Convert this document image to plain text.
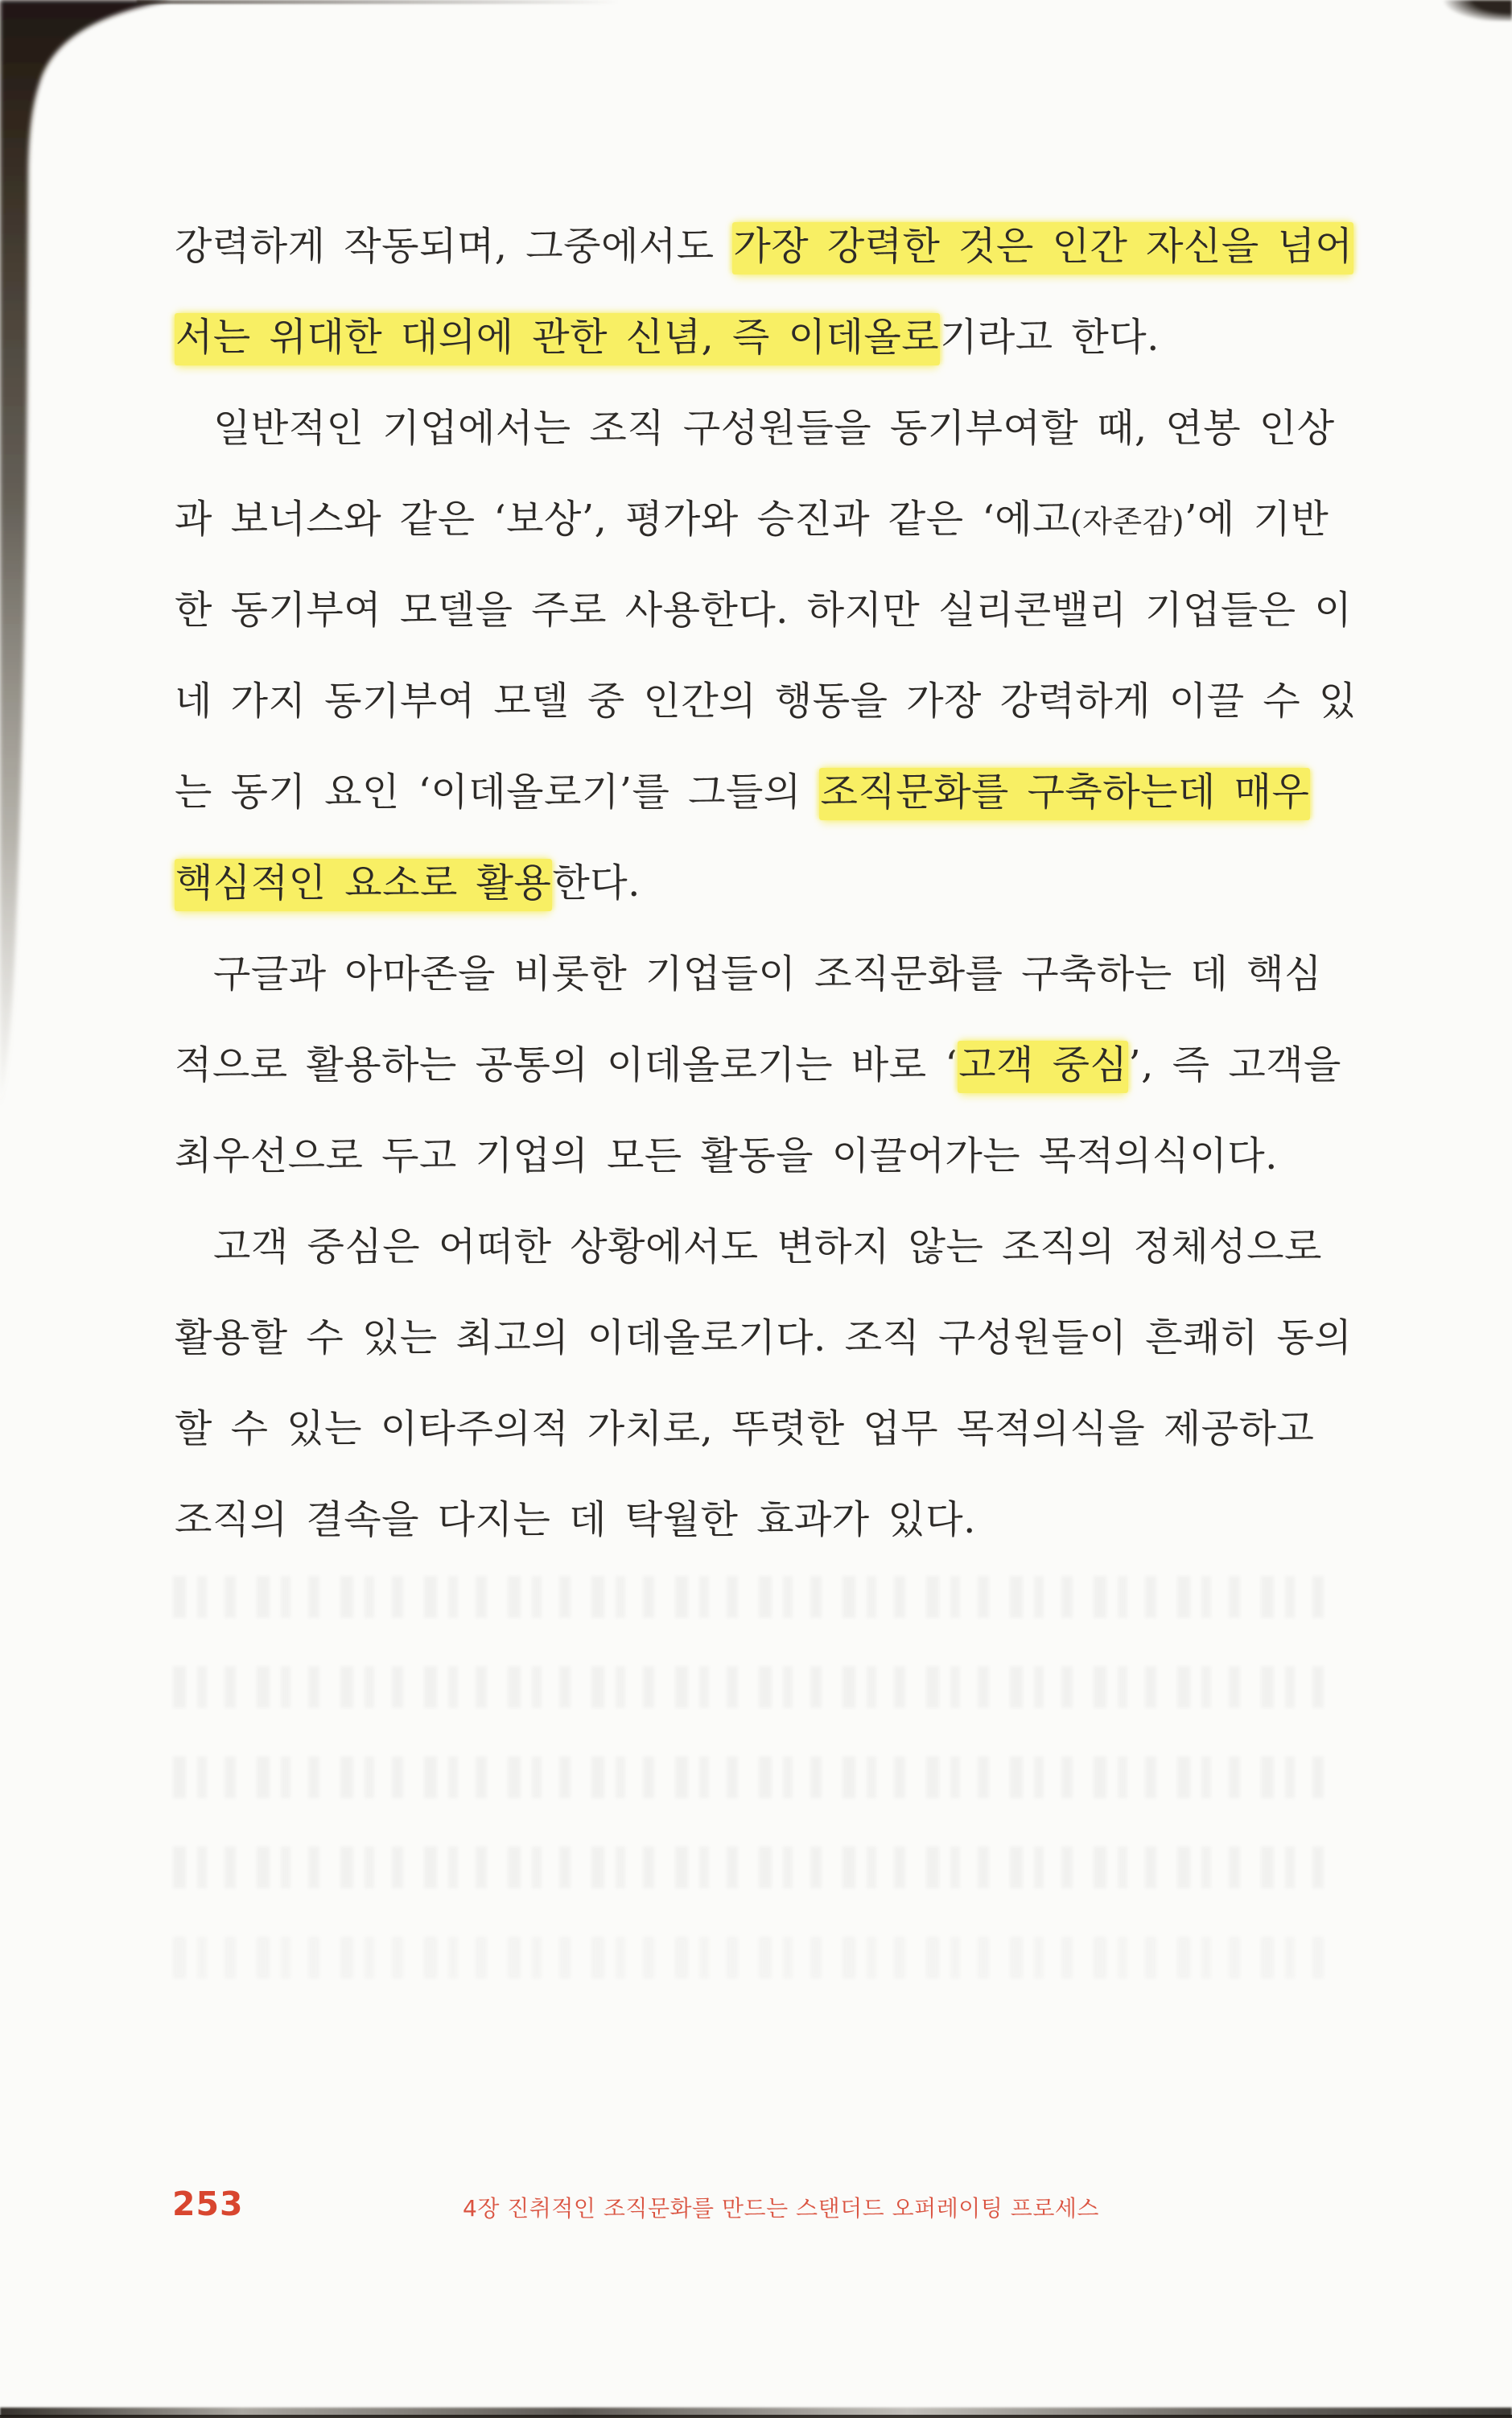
강력하게 작동되며, 그중에서도 가장 강력한 것은 인간 자신을 넘어
서는 위대한 대의에 관한 신념, 즉 이데올로기라고 한다.
일반적인 기업에서는 조직 구성원들을 동기부여할 때, 연봉 인상
과 보너스와 같은 ‘보상’, 평가와 승진과 같은 ‘에고(자존감)’에 기반
한 동기부여 모델을 주로 사용한다. 하지만 실리콘밸리 기업들은 이
네 가지 동기부여 모델 중 인간의 행동을 가장 강력하게 이끌 수 있
는 동기 요인 ‘이데올로기’를 그들의 조직문화를 구축하는데 매우
핵심적인 요소로 활용한다.
구글과 아마존을 비롯한 기업들이 조직문화를 구축하는 데 핵심
적으로 활용하는 공통의 이데올로기는 바로 ‘고객 중심’, 즉 고객을
최우선으로 두고 기업의 모든 활동을 이끌어가는 목적의식이다.
고객 중심은 어떠한 상황에서도 변하지 않는 조직의 정체성으로
활용할 수 있는 최고의 이데올로기다. 조직 구성원들이 흔쾌히 동의
할 수 있는 이타주의적 가치로, 뚜렷한 업무 목적의식을 제공하고
조직의 결속을 다지는 데 탁월한 효과가 있다.
253	4장 진취적인 조직문화를 만드는 스탠더드 오퍼레이팅 프로세스
